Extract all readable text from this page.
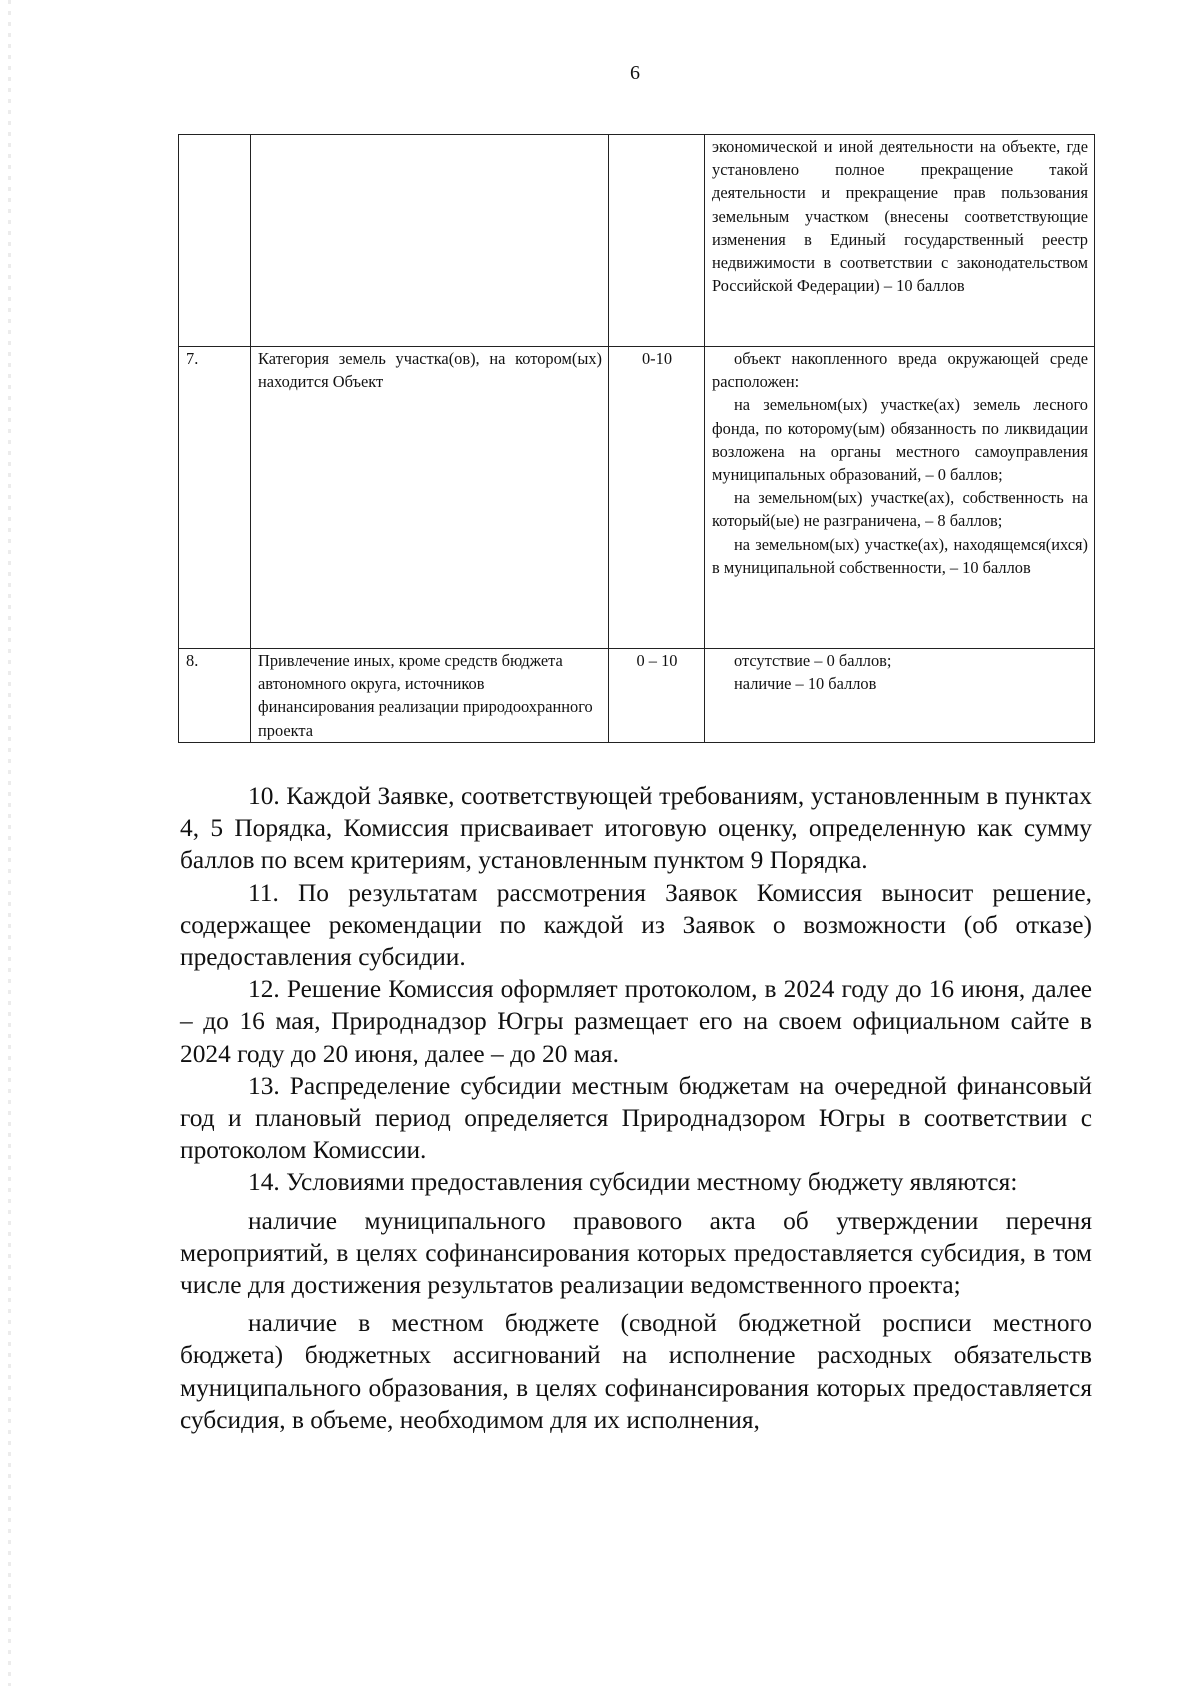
6

			экономической и иной деятельности на объекте, где установлено полное прекращение такой деятельности и прекращение прав пользования земельным участком (внесены соответствующие изменения в Единый государственный реестр недвижимости в соответствии с законодательством Российской Федерации) – 10 баллов

7.	Категория земель участка(ов), на котором(ых) находится Объект	0-10	объект накопленного вреда окружающей среде расположен:
на земельном(ых) участке(ах) земель лесного фонда, по которому(ым) обязанность по ликвидации возложена на органы местного самоуправления муниципальных образований, – 0 баллов;
на земельном(ых) участке(ах), собственность на который(ые) не разграничена, – 8 баллов;
на земельном(ых) участке(ах), находящемся(ихся) в муниципальной собственности, – 10 баллов

8.	Привлечение иных, кроме средств бюджета автономного округа, источников финансирования реализации природоохранного проекта	0 – 10	отсутствие – 0 баллов;
наличие – 10 баллов

10. Каждой Заявке, соответствующей требованиям, установленным в пунктах 4, 5 Порядка, Комиссия присваивает итоговую оценку, определенную как сумму баллов по всем критериям, установленным пунктом 9 Порядка.

11. По результатам рассмотрения Заявок Комиссия выносит решение, содержащее рекомендации по каждой из Заявок о возможности (об отказе) предоставления субсидии.

12. Решение Комиссия оформляет протоколом, в 2024 году до 16 июня, далее – до 16 мая, Природнадзор Югры размещает его на своем официальном сайте в 2024 году до 20 июня, далее – до 20 мая.

13. Распределение субсидии местным бюджетам на очередной финансовый год и плановый период определяется Природнадзором Югры в соответствии с протоколом Комиссии.

14. Условиями предоставления субсидии местному бюджету являются:

наличие муниципального правового акта об утверждении перечня мероприятий, в целях софинансирования которых предоставляется субсидия, в том числе для достижения результатов реализации ведомственного проекта;

наличие в местном бюджете (сводной бюджетной росписи местного бюджета) бюджетных ассигнований на исполнение расходных обязательств муниципального образования, в целях софинансирования которых предоставляется субсидия, в объеме, необходимом для их исполнения,
